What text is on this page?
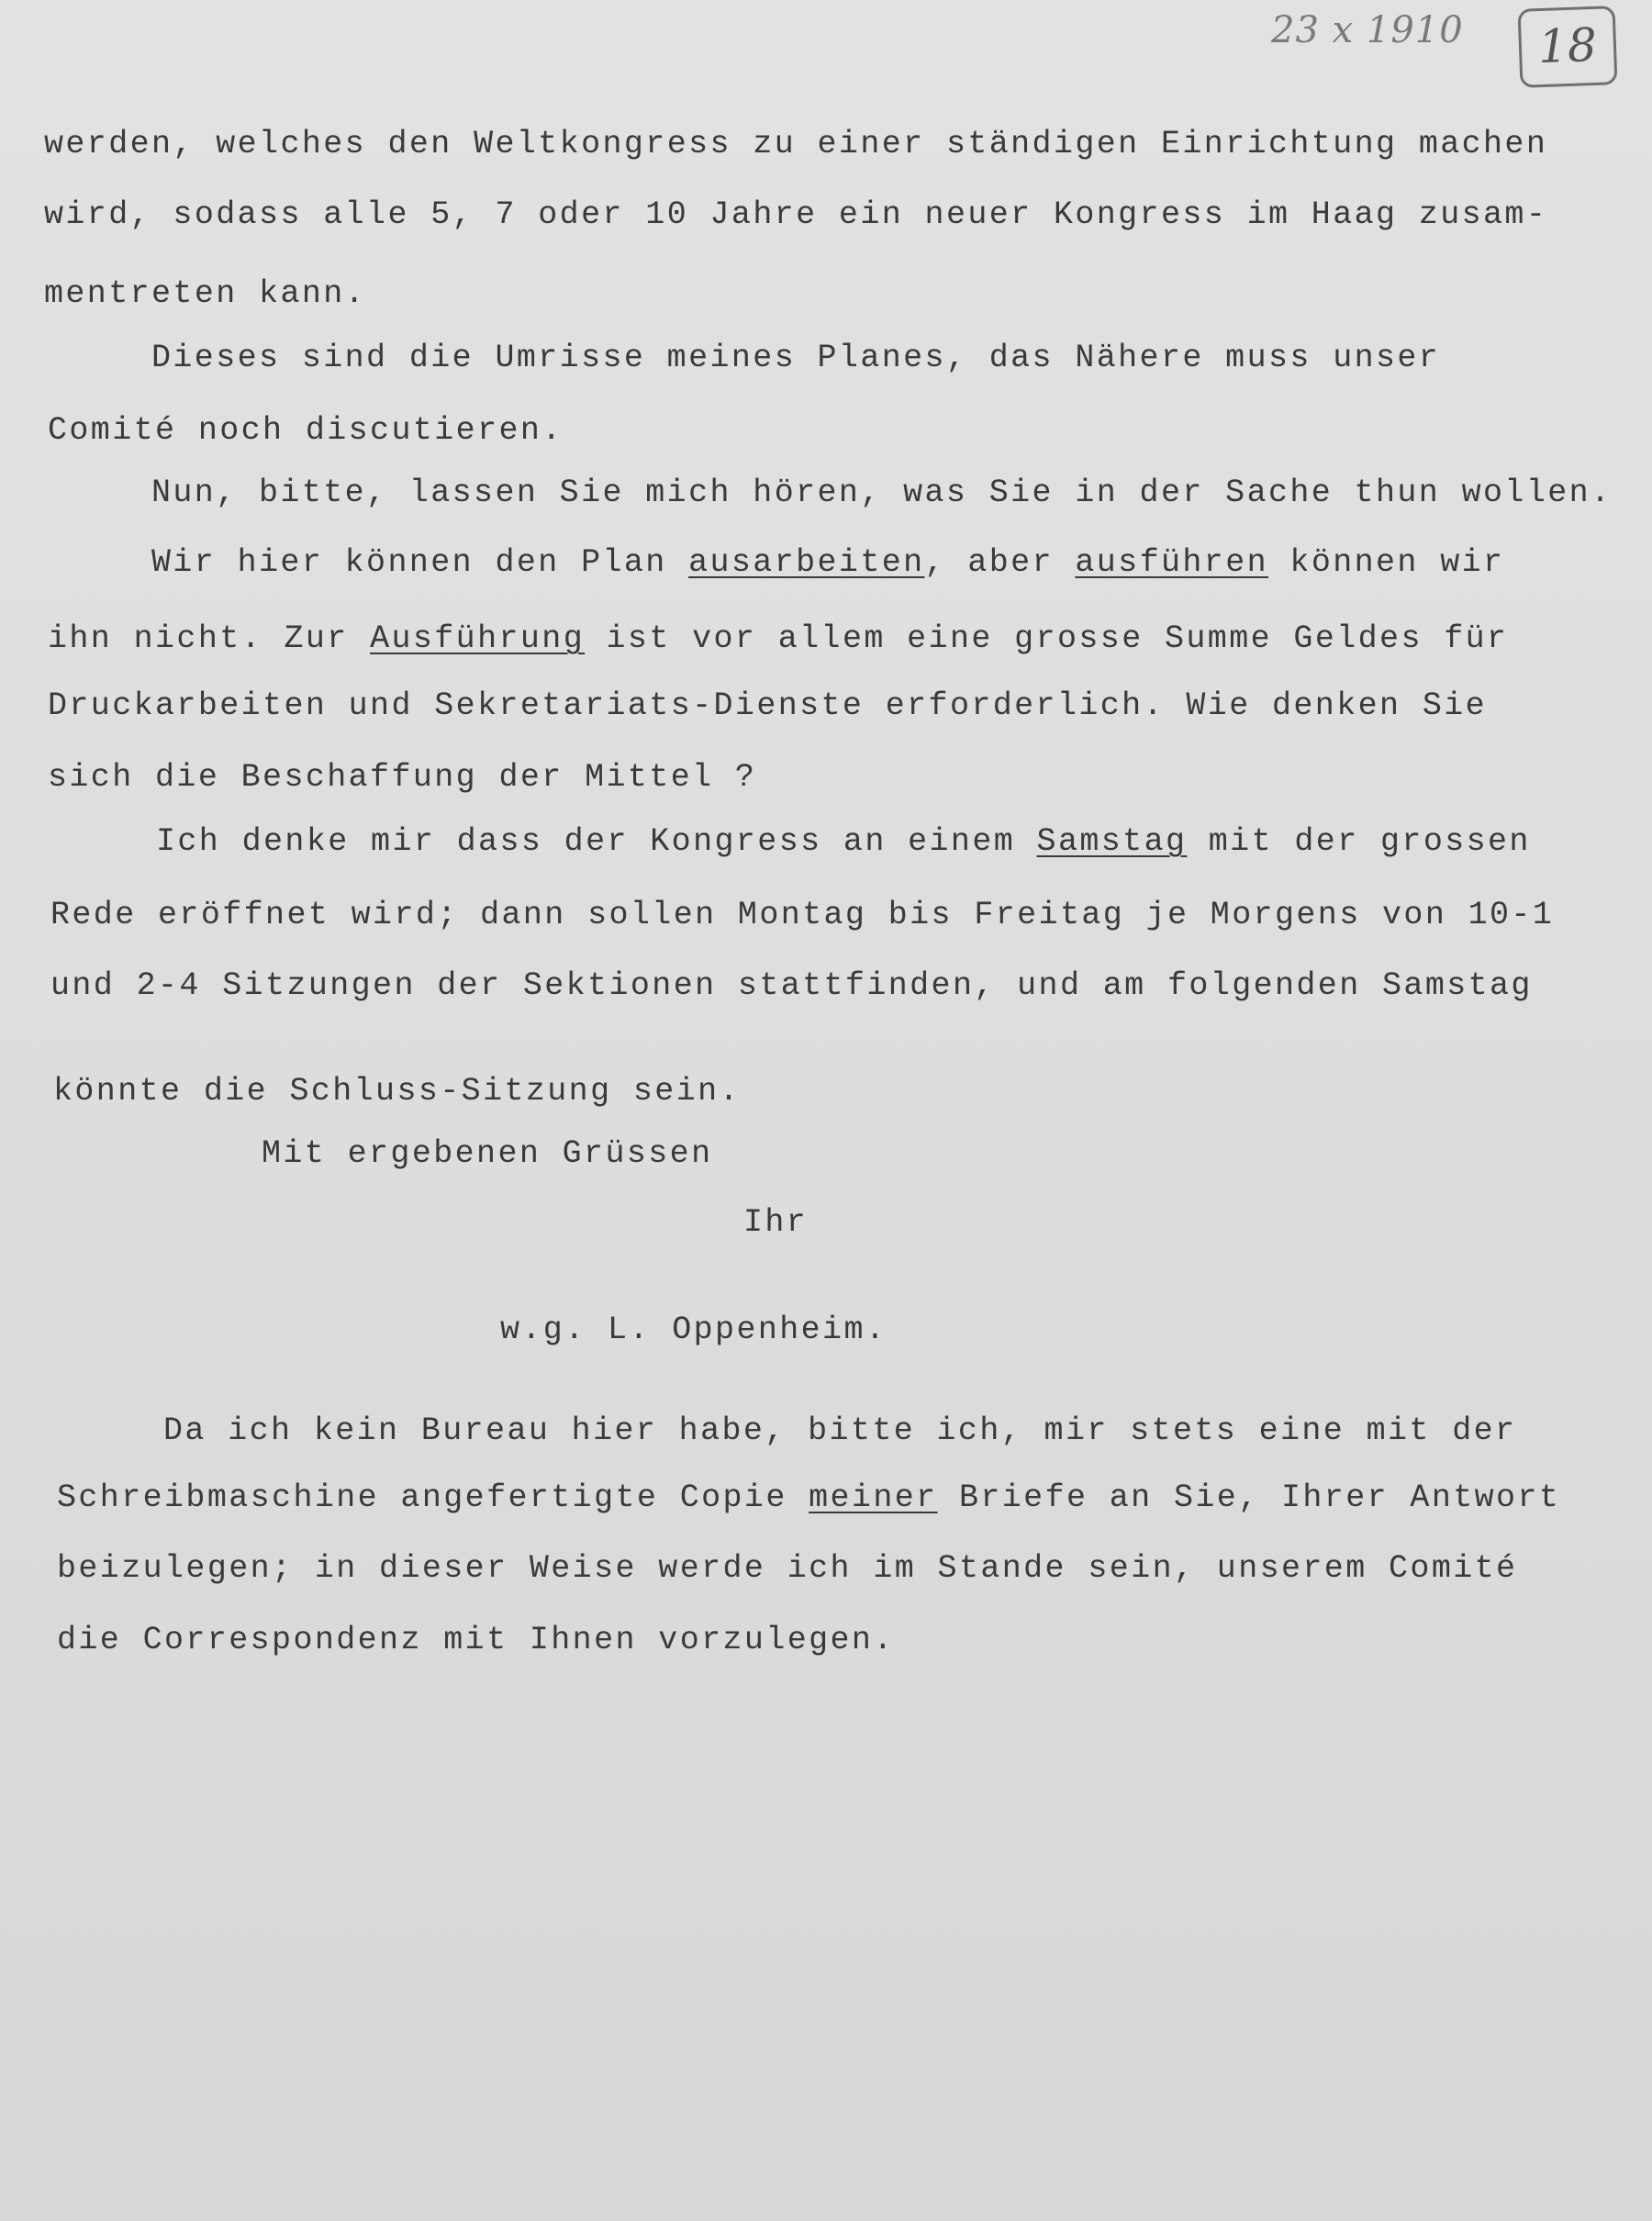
23 x 1910	18
werden, welches den Weltkongress zu einer ständigen Einrichtung machen
wird, sodass alle 5, 7 oder 10 Jahre ein neuer Kongress im Haag zusam-
mentreten kann.
Dieses sind die Umrisse meines Planes, das Nähere muss unser
Comité noch discutieren.
Nun, bitte, lassen Sie mich hören, was Sie in der Sache thun wollen.
Wir hier können den Plan ausarbeiten, aber ausführen können wir
ihn nicht. Zur Ausführung ist vor allem eine grosse Summe Geldes für
Druckarbeiten und Sekretariats-Dienste erforderlich. Wie denken Sie
sich die Beschaffung der Mittel ?
Ich denke mir dass der Kongress an einem Samstag mit der grossen
Rede eröffnet wird; dann sollen Montag bis Freitag je Morgens von 10-1
und 2-4 Sitzungen der Sektionen stattfinden, und am folgenden Samstag
könnte die Schluss-Sitzung sein.
Mit ergebenen Grüssen
Ihr
w.g. L. Oppenheim.
Da ich kein Bureau hier habe, bitte ich, mir stets eine mit der
Schreibmaschine angefertigte Copie meiner Briefe an Sie, Ihrer Antwort
beizulegen; in dieser Weise werde ich im Stande sein, unserem Comité
die Correspondenz mit Ihnen vorzulegen.
